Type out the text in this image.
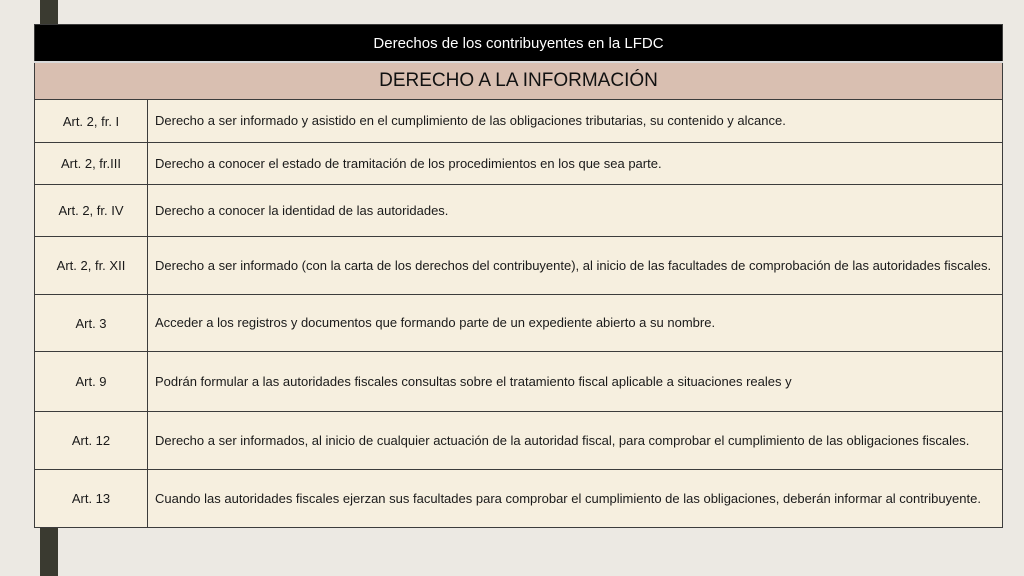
Derechos de los contribuyentes en la LFDC	
DERECHO A LA INFORMACIÓN	
Art. 2, fr. I	Derecho a ser informado y asistido en el cumplimiento de las obligaciones tributarias, su contenido y alcance.
Art. 2, fr.III	Derecho a conocer el estado de tramitación de los procedimientos en los que sea parte.
Art. 2, fr. IV	Derecho a conocer la identidad de las autoridades.
Art. 2, fr. XII	Derecho a ser informado (con la carta de los derechos del contribuyente), al inicio de las facultades de comprobación de las autoridades fiscales.
Art. 3	Acceder a los registros y documentos que formando parte de un expediente abierto a su nombre.
Art. 9	Podrán formular a las autoridades fiscales consultas sobre el tratamiento fiscal aplicable a situaciones reales y
Art. 12	Derecho a ser informados, al inicio de cualquier actuación de la autoridad fiscal, para comprobar el cumplimiento de las obligaciones fiscales.
Art. 13	Cuando las autoridades fiscales ejerzan sus facultades para comprobar el cumplimiento de las obligaciones, deberán informar al contribuyente.
